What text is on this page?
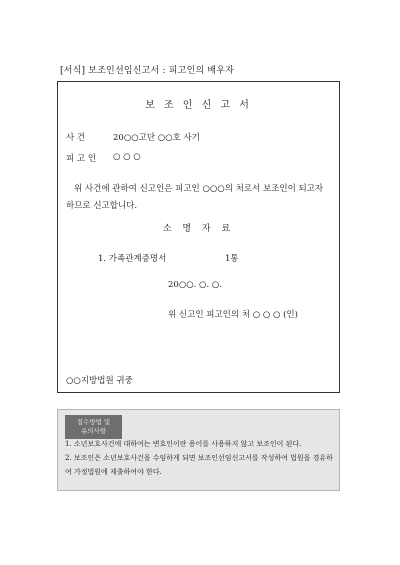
[서식] 보조인선임신고서 : 피고인의 배우자
보 조 인 신 고 서
사 건	20○○고단 ○○호 사기
피 고 인 ○ ○ ○
위 사건에 관하여 신고인은 피고인 ○○○의 처로서 보조인이 되고자 하므로 신고합니다.
소 명 자 료
1. 가족관계증명서	1통
20○○. ○. ○.
위 신고인 피고인의 처 ○ ○ ○ (인)
○○지방법원 귀중
접수방법 및
유의사항
1. 소년보호사건에 대하여는 변호인이란 용어를 사용하지 않고 보조인이 된다.
2. 보조인은 소년보호사건을 수임하게 되면 보조인선임신고서를 작성하여 법원을 경유하여 가정법원에 제출하여야 한다.
